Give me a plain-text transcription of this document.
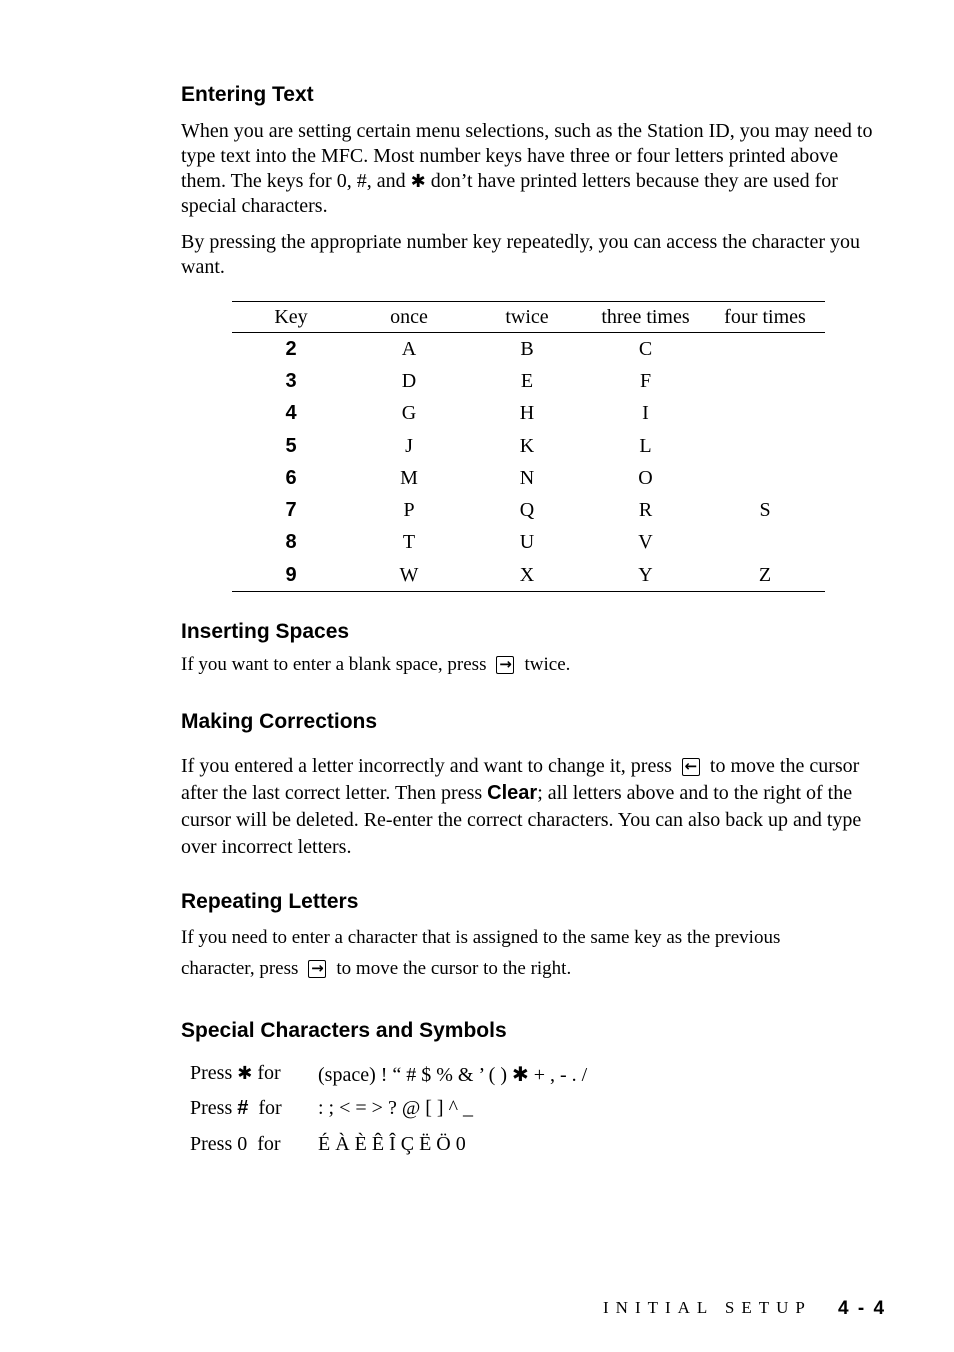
Entering Text

When you are setting certain menu selections, such as the Station ID, you may need to type text into the MFC. Most number keys have three or four letters printed above them. The keys for 0, #, and ✱ don’t have printed letters because they are used for special characters.

By pressing the appropriate number key repeatedly, you can access the character you want.

Key	once	twice	three times	four times
2	A	B	C	
3	D	E	F	
4	G	H	I	
5	J	K	L	
6	M	N	O	
7	P	Q	R	S
8	T	U	V	
9	W	X	Y	Z
Inserting Spaces

If you want to enter a blank space, press → twice.

Making Corrections

If you entered a letter incorrectly and want to change it, press ← to move the cursor after the last correct letter. Then press Clear; all letters above and to the right of the cursor will be deleted. Re-enter the correct characters. You can also back up and type over incorrect letters.

Repeating Letters

If you need to enter a character that is assigned to the same key as the previous

character, press → to move the cursor to the right.

Special Characters and Symbols
Press ✱ for (space) ! “ # $ % & ’ ( ) ✱ + , - . /
Press #  for : ; < = > ? @ [ ] ^ _
Press 0  for É À È Ê Î Ç Ë Ö 0
INITIAL SETUP 4 - 4
